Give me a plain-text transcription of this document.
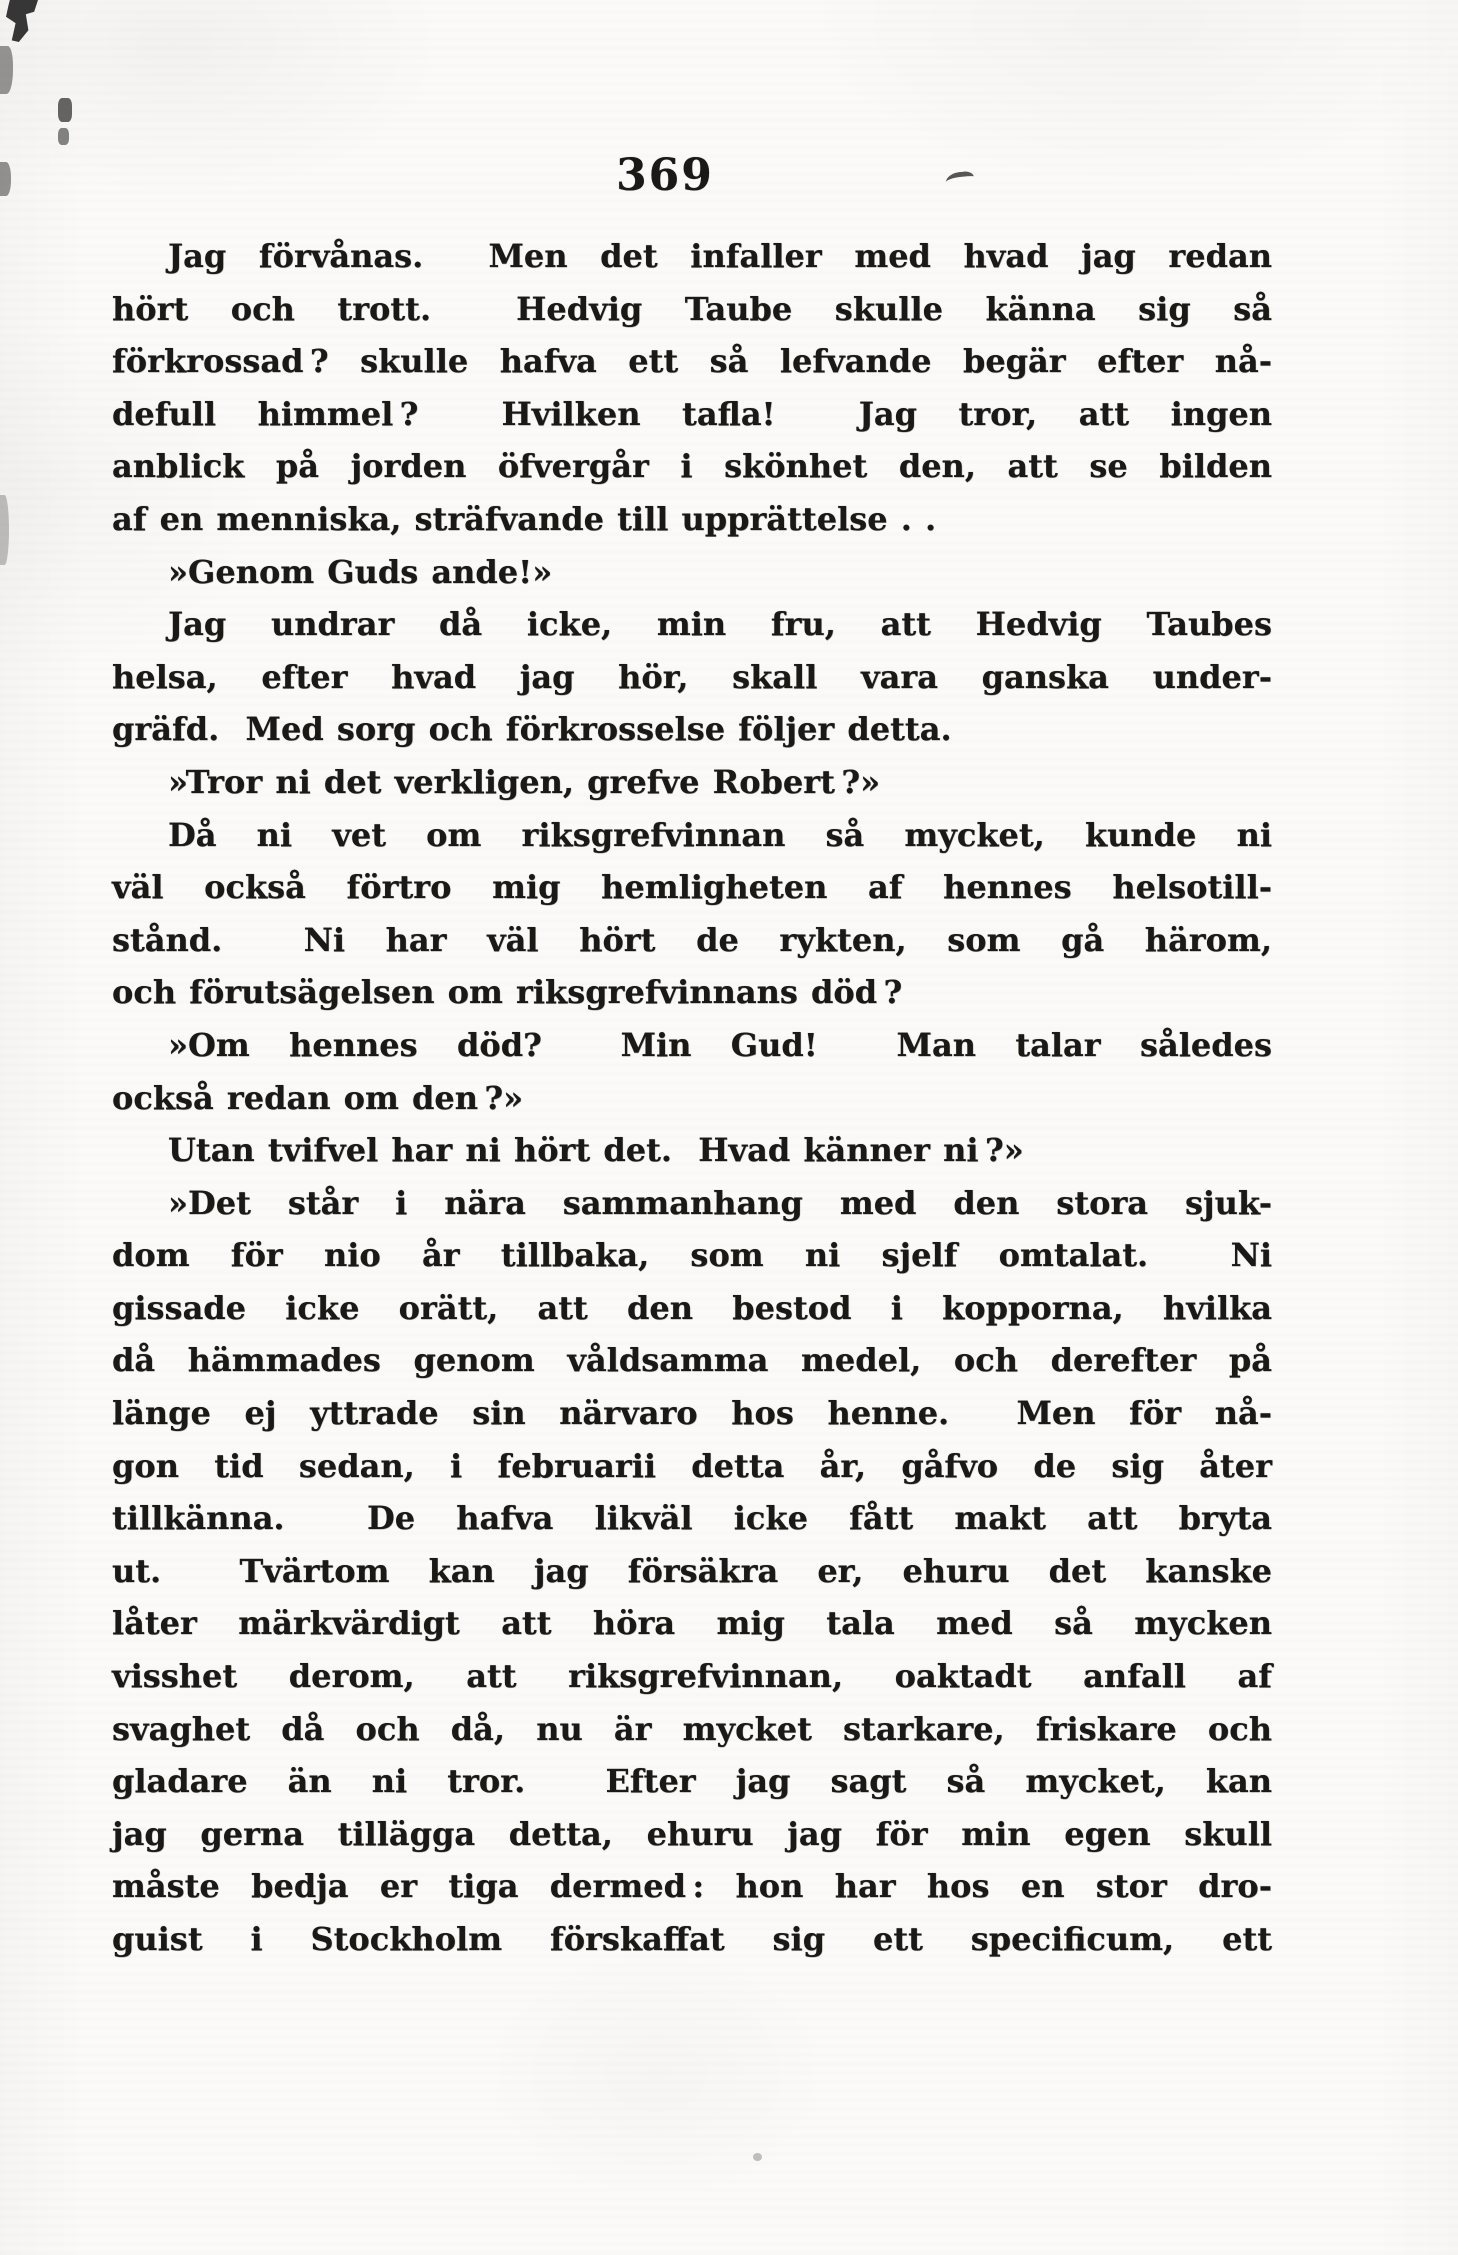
369
Jag förvånas.  Men det infaller med hvad jag redan
hört och trott.  Hedvig Taube skulle känna sig så
förkrossad ? skulle hafva ett så lefvande begär efter nå-
defull himmel ?  Hvilken tafla!  Jag tror, att ingen
anblick på jorden öfvergår i skönhet den, att se bilden
af en menniska, sträfvande till upprättelse . .
»Genom Guds ande!»
Jag undrar då icke, min fru, att Hedvig Taubes
helsa, efter hvad jag hör, skall vara ganska under-
gräfd.  Med sorg och förkrosselse följer detta.
»Tror ni det verkligen, grefve Robert ?»
Då ni vet om riksgrefvinnan så mycket, kunde ni
väl också förtro mig hemligheten af hennes helsotill-
stånd.  Ni har väl hört de rykten, som gå härom,
och förutsägelsen om riksgrefvinnans död ?
»Om hennes död?  Min Gud!  Man talar således
också redan om den ?»
Utan tvifvel har ni hört det.  Hvad känner ni ?»
»Det står i nära sammanhang med den stora sjuk-
dom för nio år tillbaka, som ni sjelf omtalat.  Ni
gissade icke orätt, att den bestod i kopporna, hvilka
då hämmades genom våldsamma medel, och derefter på
länge ej yttrade sin närvaro hos henne.  Men för nå-
gon tid sedan, i februarii detta år, gåfvo de sig åter
tillkänna.  De hafva likväl icke fått makt att bryta
ut.  Tvärtom kan jag försäkra er, ehuru det kanske
låter märkvärdigt att höra mig tala med så mycken
visshet derom, att riksgrefvinnan, oaktadt anfall af
svaghet då och då, nu är mycket starkare, friskare och
gladare än ni tror.  Efter jag sagt så mycket, kan
jag gerna tillägga detta, ehuru jag för min egen skull
måste bedja er tiga dermed : hon har hos en stor dro-
guist i Stockholm förskaffat sig ett specificum, ett
